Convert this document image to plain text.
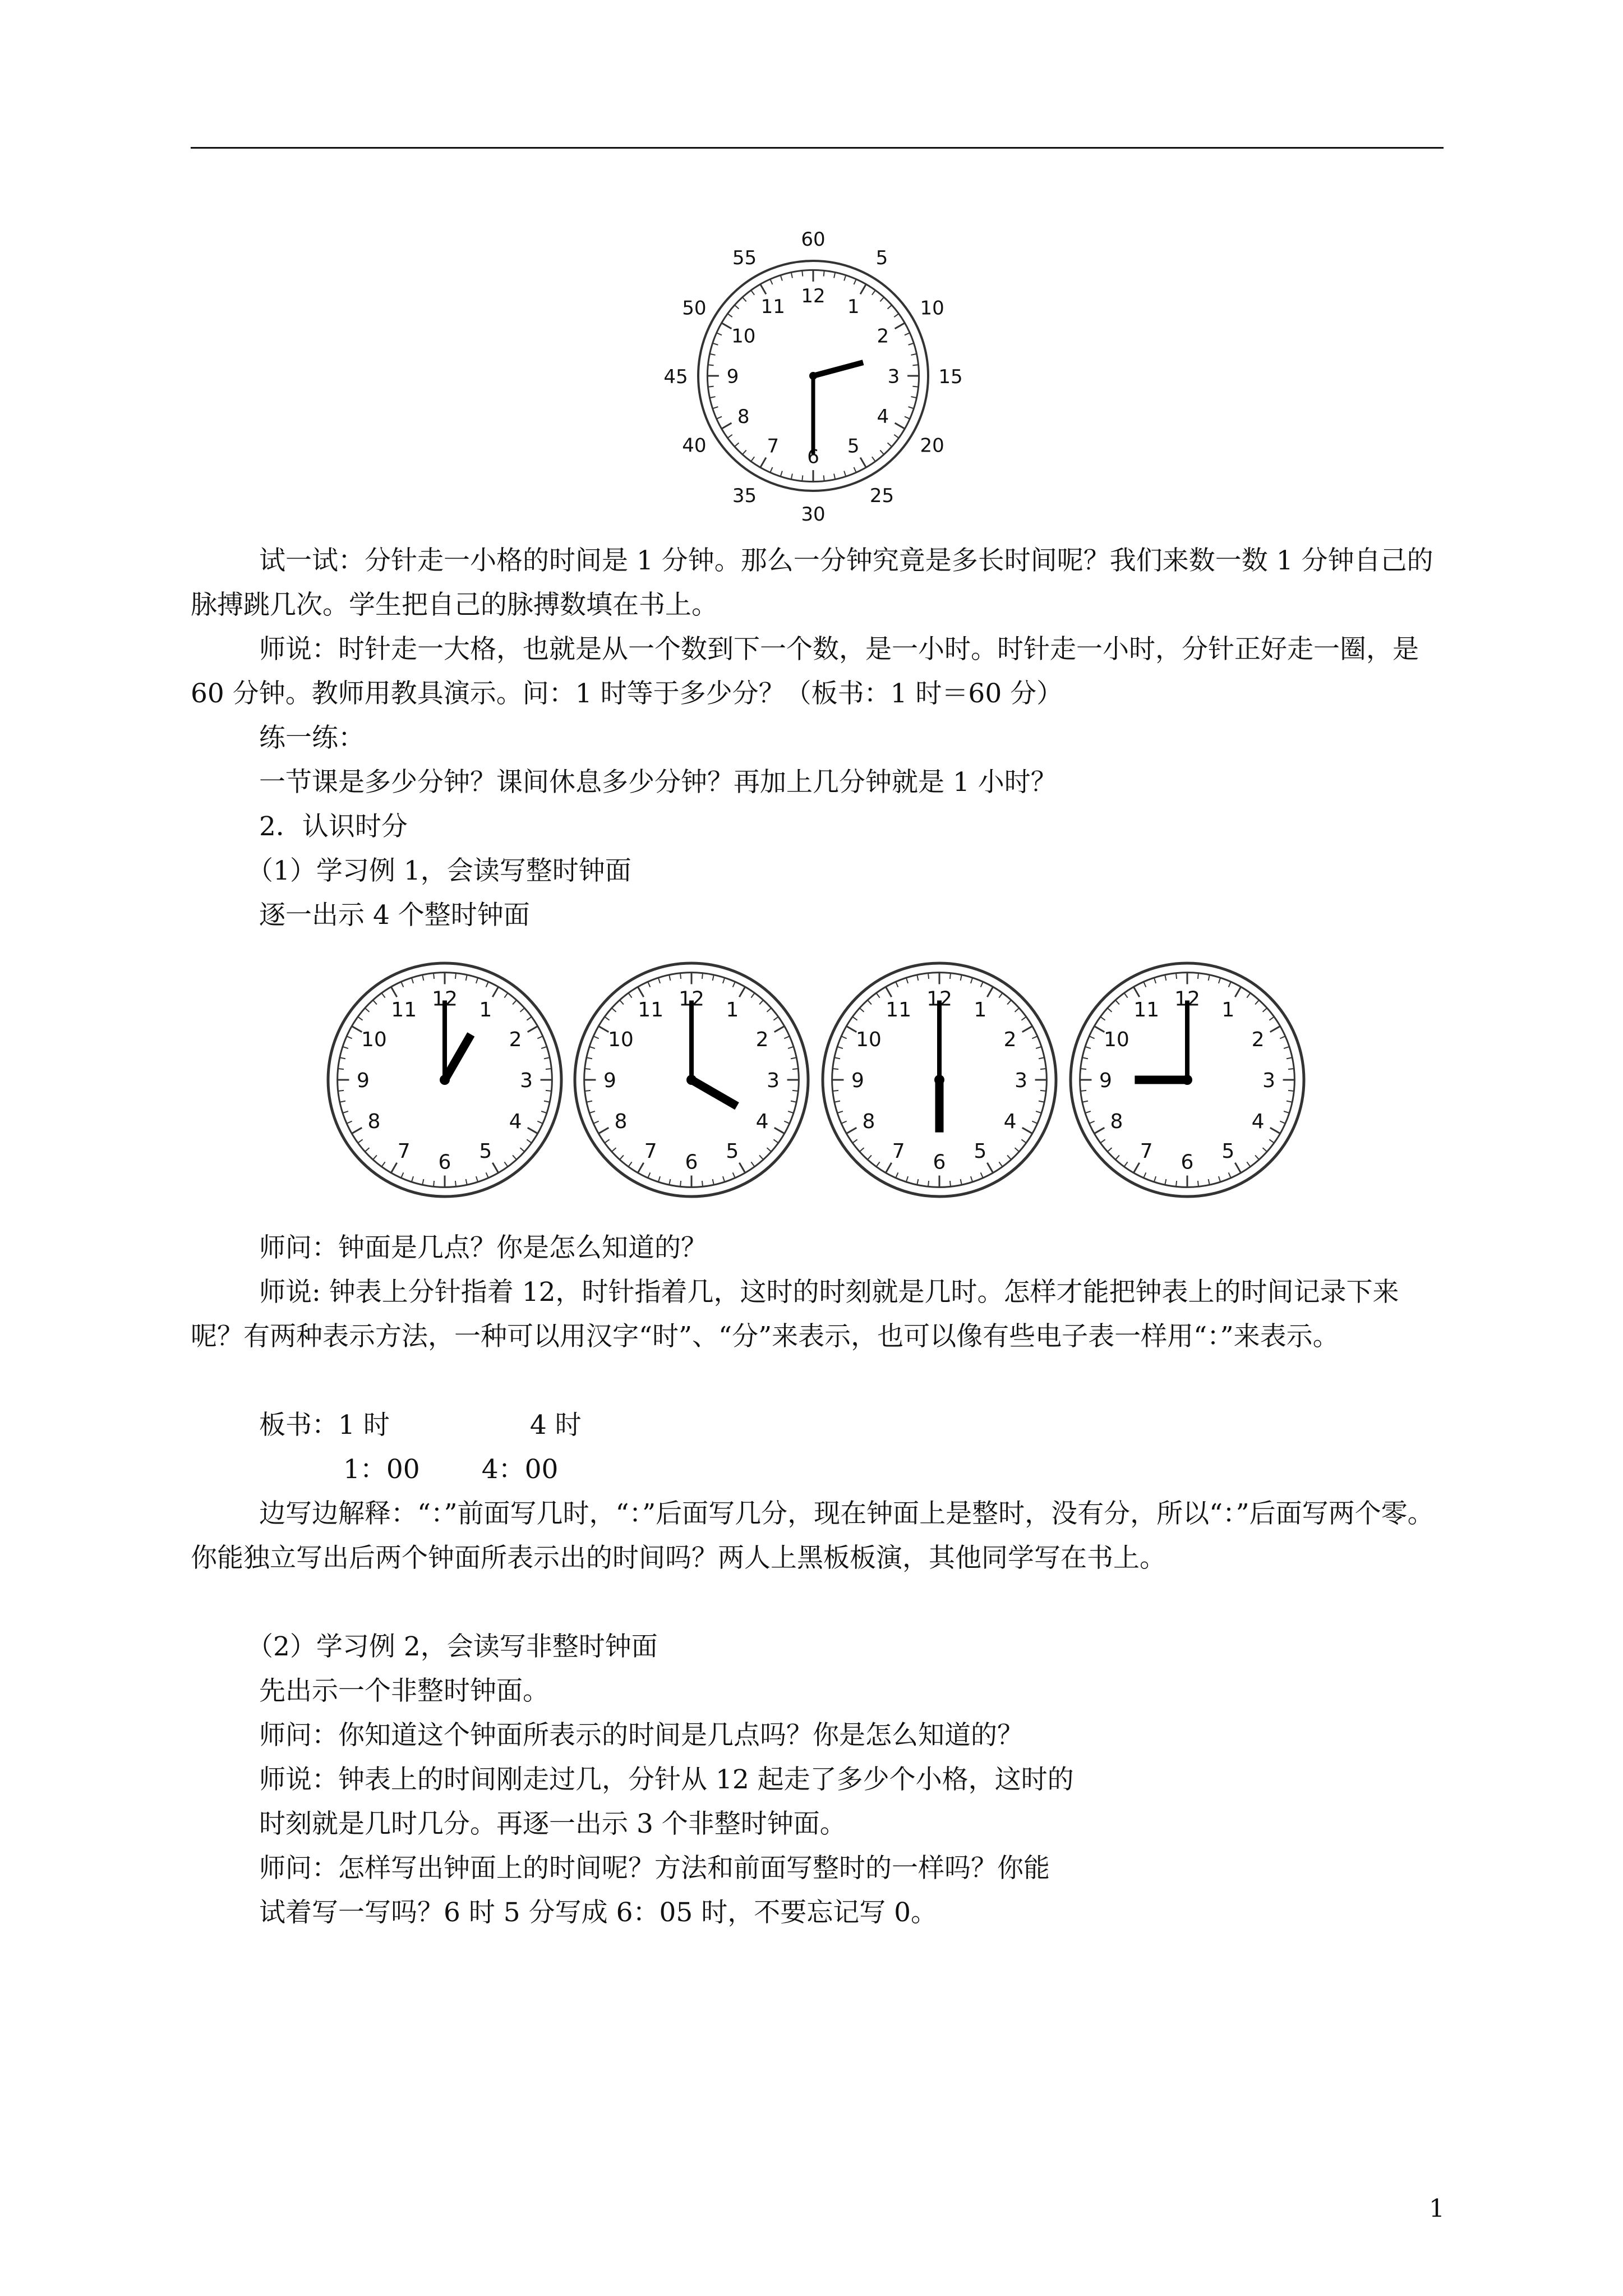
12 1
2
3
4
5
6
7
8
9
10
11
60
5
10
15
20
25
30
35
40
45
50
55

试一试：分针走一小格的时间是 1 分钟。那么一分钟究竟是多长时间呢？我们来数一数 1 分钟自己的脉搏跳几次。学生把自己的脉搏数填在书上。

师说：时针走一大格，也就是从一个数到下一个数，是一小时。时针走一小时，分针正好走一圈，是 60 分钟。教师用教具演示。问：1 时等于多少分？（板书：1 时＝60 分）

练一练：

一节课是多少分钟？课间休息多少分钟？再加上几分钟就是 1 小时？

2．认识时分

（1）学习例 1，会读写整时钟面

逐一出示 4 个整时钟面

12 1
2
3
4
5
6
7
8
9
10
11	12 1
2
3
4
5
6
7
8
9
10
11	12 1
2
3
4
5
6
7
8
9
10
11	12 1
2
3
4
5
6
7
8
9
10
11

师问：钟面是几点？你是怎么知道的？

师说: 钟表上分针指着 12，时针指着几，这时的时刻就是几时。怎样才能把钟表上的时间记录下来呢？有两种表示方法，一种可以用汉字“时”、“分”来表示，也可以像有些电子表一样用“：”来表示。

板书：1 时	4 时

1：00 4：00

边写边解释：“：”前面写几时，“：”后面写几分，现在钟面上是整时，没有分，所以“：”后面写两个零。你能独立写出后两个钟面所表示出的时间吗？两人上黑板板演，其他同学写在书上。

（2）学习例 2，会读写非整时钟面

先出示一个非整时钟面。

师问：你知道这个钟面所表示的时间是几点吗？你是怎么知道的？

师说：钟表上的时间刚走过几，分针从 12 起走了多少个小格，这时的

时刻就是几时几分。再逐一出示 3 个非整时钟面。

师问：怎样写出钟面上的时间呢？方法和前面写整时的一样吗？你能

试着写一写吗？6 时 5 分写成 6：05 时，不要忘记写 0。

1
